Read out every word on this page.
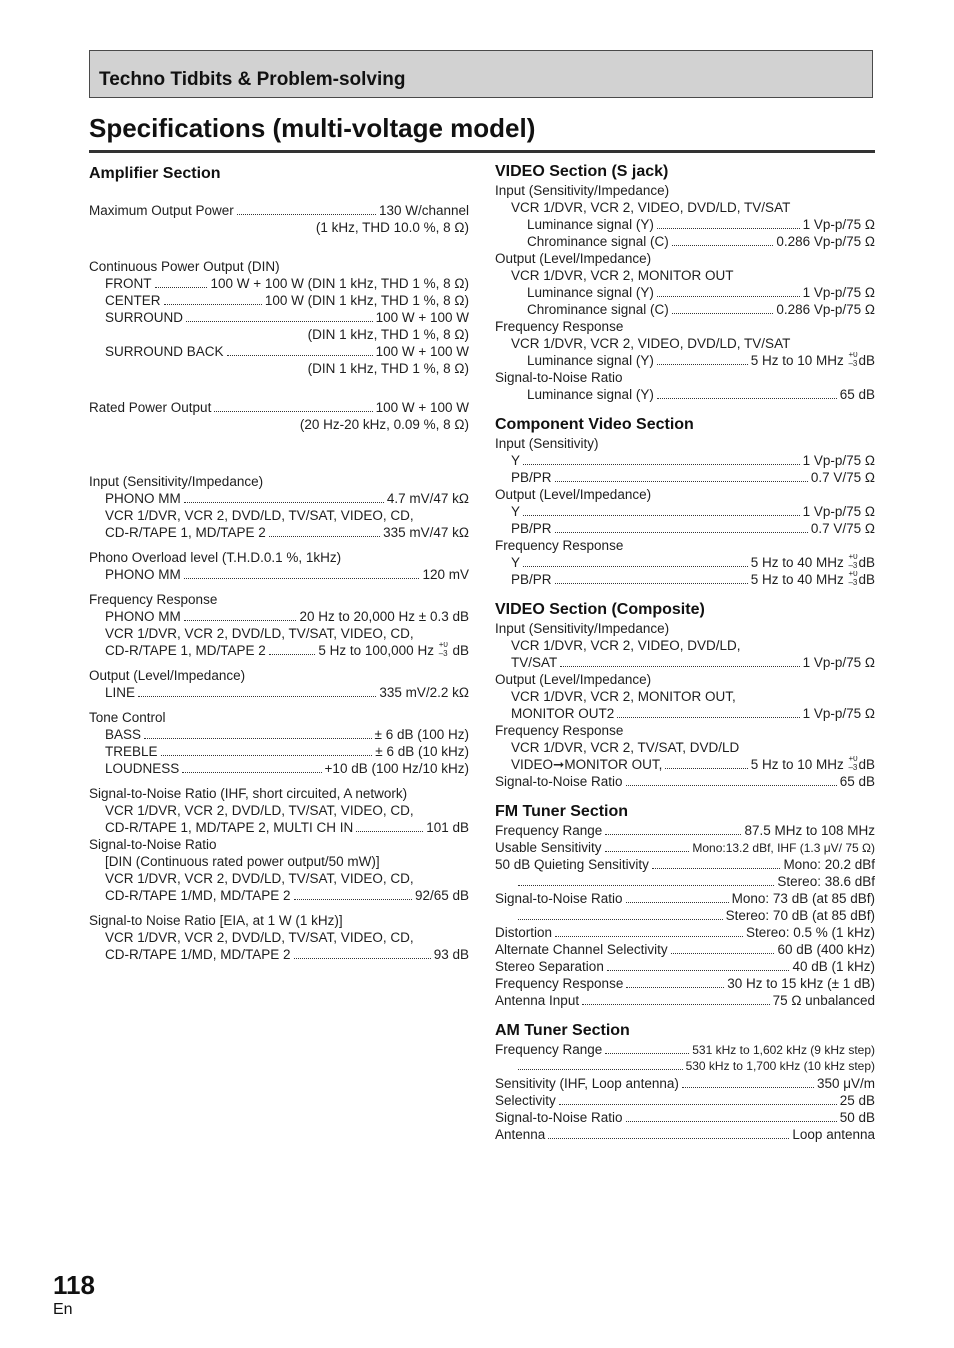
Techno Tidbits & Problem-solving
Specifications (multi-voltage model)
Amplifier Section
Maximum Output Power	130 W/channel
(1 kHz, THD 10.0 %, 8 Ω)
Continuous Power Output (DIN)
FRONT	100 W + 100 W (DIN 1 kHz, THD 1 %, 8 Ω)
CENTER	100 W (DIN 1 kHz, THD 1 %, 8 Ω)
SURROUND	100 W + 100 W
(DIN 1 kHz, THD 1 %, 8 Ω)
SURROUND BACK	100 W + 100 W
(DIN 1 kHz, THD 1 %, 8 Ω)
Rated Power Output	100 W + 100 W
(20 Hz-20 kHz, 0.09 %, 8 Ω)
Input (Sensitivity/Impedance)
PHONO MM	4.7 mV/47 kΩ
VCR 1/DVR, VCR 2, DVD/LD, TV/SAT, VIDEO, CD,
CD-R/TAPE 1, MD/TAPE 2	335 mV/47 kΩ
Phono Overload level (T.H.D.0.1 %, 1kHz)
PHONO MM	120 mV
Frequency Response
PHONO MM	20 Hz to 20,000 Hz ± 0.3 dB
VCR 1/DVR, VCR 2, DVD/LD, TV/SAT, VIDEO, CD,
CD-R/TAPE 1, MD/TAPE 2	5 Hz to 100,000 Hz +0
–3 dB
Output (Level/Impedance)
LINE	335 mV/2.2 kΩ
Tone Control
BASS	± 6 dB (100 Hz)
TREBLE	± 6 dB (10 kHz)
LOUDNESS	+10 dB (100 Hz/10 kHz)
Signal-to-Noise Ratio (IHF, short circuited, A network)
VCR 1/DVR, VCR 2, DVD/LD, TV/SAT, VIDEO, CD,
CD-R/TAPE 1, MD/TAPE 2, MULTI CH IN	101 dB
Signal-to-Noise Ratio
[DIN (Continuous rated power output/50 mW)]
VCR 1/DVR, VCR 2, DVD/LD, TV/SAT, VIDEO, CD,
CD-R/TAPE 1/MD, MD/TAPE 2	92/65 dB
Signal-to Noise Ratio [EIA, at 1 W (1 kHz)]
VCR 1/DVR, VCR 2, DVD/LD, TV/SAT, VIDEO, CD,
CD-R/TAPE 1/MD, MD/TAPE 2	93 dB
VIDEO Section (S jack)
Input (Sensitivity/Impedance)
VCR 1/DVR, VCR 2, VIDEO, DVD/LD, TV/SAT
Luminance signal (Y)	1 Vp-p/75 Ω
Chrominance signal (C)	0.286 Vp-p/75 Ω
Output (Level/Impedance)
VCR 1/DVR, VCR 2, MONITOR OUT
Luminance signal (Y)	1 Vp-p/75 Ω
Chrominance signal (C)	0.286 Vp-p/75 Ω
Frequency Response
VCR 1/DVR, VCR 2, VIDEO, DVD/LD, TV/SAT
Luminance signal (Y)	5 Hz to 10 MHz +0
–3 dB
Signal-to-Noise Ratio
Luminance signal (Y)	65 dB
Component Video Section
Input (Sensitivity)
Y	1 Vp-p/75 Ω
PB/PR	0.7 V/75 Ω
Output (Level/Impedance)
Y	1 Vp-p/75 Ω
PB/PR	0.7 V/75 Ω
Frequency Response
Y	5 Hz to 40 MHz +0
–3 dB
PB/PR	5 Hz to 40 MHz +0
–3 dB
VIDEO Section (Composite)
Input (Sensitivity/Impedance)
VCR 1/DVR, VCR 2, VIDEO, DVD/LD,
TV/SAT	1 Vp-p/75 Ω
Output (Level/Impedance)
VCR 1/DVR, VCR 2, MONITOR OUT,
MONITOR OUT2	1 Vp-p/75 Ω
Frequency Response
VCR 1/DVR, VCR 2, TV/SAT, DVD/LD
VIDEO➞MONITOR OUT,	5 Hz to 10 MHz +0
–3 dB
Signal-to-Noise Ratio	65 dB
FM Tuner Section
Frequency Range	87.5 MHz to 108 MHz
Usable Sensitivity	Mono:13.2 dBf, IHF (1.3 μV/ 75 Ω)
50 dB Quieting Sensitivity	Mono: 20.2 dBf
Stereo: 38.6 dBf
Signal-to-Noise Ratio	Mono: 73 dB (at 85 dBf)
Stereo: 70 dB (at 85 dBf)
Distortion	Stereo: 0.5 % (1 kHz)
Alternate Channel Selectivity	60 dB (400 kHz)
Stereo Separation	40 dB (1 kHz)
Frequency Response	30 Hz to 15 kHz (± 1 dB)
Antenna Input	75 Ω unbalanced
AM Tuner Section
Frequency Range	531 kHz to 1,602 kHz (9 kHz step)
530 kHz to 1,700 kHz (10 kHz step)
Sensitivity (IHF, Loop antenna)	350 μV/m
Selectivity	25 dB
Signal-to-Noise Ratio	50 dB
Antenna	Loop antenna
118
En
